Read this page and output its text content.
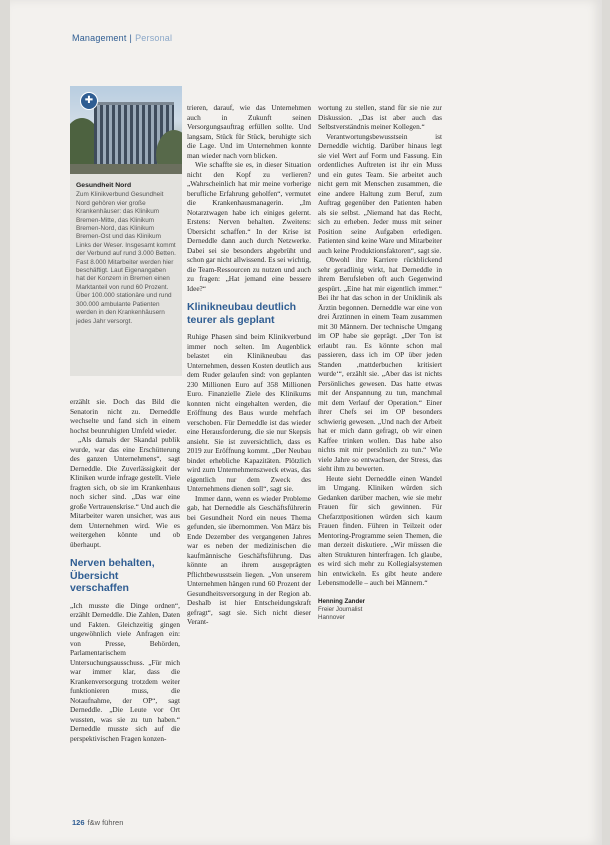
Management | Personal
✚
Gesundheit Nord
Zum Klinikverbund Gesundheit Nord gehören vier große Krankenhäuser: das Klinikum Bremen-Mitte, das Klinikum Bremen-Nord, das Klinikum Bremen-Ost und das Klinikum Links der Weser. Insgesamt kommt der Verbund auf rund 3.000 Betten. Fast 8.000 Mitarbeiter werden hier beschäftigt. Laut Eigenangaben hat der Konzern in Bremen einen Marktanteil von rund 60 Prozent. Über 100.000 stationäre und rund 300.000 ambulante Patienten werden in den Krankenhäusern jedes Jahr versorgt.

erzählt sie. Doch das Bild die Senatorin nicht zu. Derneddle wechselte und fand sich in einem hochst beunruhigten Umfeld wieder.

„Als damals der Skandal publik wurde, war das eine Erschütterung des ganzen Unternehmens“, sagt Derneddle. Die Zuverlässigkeit der Kliniken wurde infrage gestellt. Viele fragten sich, ob sie im Krankenhaus noch sicher sind. „Das war eine große Vertrauenskrise.“ Und auch die Mitarbeiter waren unsicher, was aus dem Unternehmen wird. Wie es weitergehen könnte und ob überhaupt.

Nerven behalten, Übersicht verschaffen

„Ich musste die Dinge ordnen“, erzählt Derneddle. Die Zahlen, Daten und Fakten. Gleichzeitig gingen ungewöhnlich viele Anfragen ein: von Presse, Behörden, Parlamentarischem Untersuchungsausschuss. „Für mich war immer klar, dass die Krankenversorgung trotzdem weiter funktionieren muss, die Notaufnahme, der OP“, sagt Derneddle. „Die Leute vor Ort wussten, was sie zu tun haben.“ Derneddle musste sich auf die perspektivischen Fragen konzen-

trieren, darauf, wie das Unternehmen auch in Zukunft seinen Versorgungsauftrag erfüllen sollte. Und langsam, Stück für Stück, beruhigte sich die Lage. Und im Unternehmen konnte man wieder nach vorn blicken.

Wie schaffte sie es, in dieser Situation nicht den Kopf zu verlieren? „Wahrscheinlich hat mir meine vorherige berufliche Erfahrung geholfen“, vermutet die Krankenhausmanagerin. „Im Notarztwagen habe ich einiges gelernt. Erstens: Nerven behalten. Zweitens: Übersicht schaffen.“ In der Krise ist Derneddle dann auch durch Netzwerke. Dabei sei sie besonders abgebrüht und schon gar nicht allwissend. Es sei wichtig, die Team-Ressourcen zu nutzen und auch zu fragen: „Hat jemand eine bessere Idee?“

Klinikneubau deutlich teurer als geplant

Ruhige Phasen sind beim Klinikverbund immer noch selten. Im Augenblick belastet ein Klinikneubau das Unternehmen, dessen Kosten deutlich aus dem Ruder gelaufen sind: von geplanten 230 Millionen Euro auf 358 Millionen Euro. Finanzielle Ziele des Klinikums konnten nicht eingehalten werden, die Eröffnung des Baus wurde mehrfach verschoben. Für Derneddle ist das wieder eine Herausforderung, die sie nur Skepsis ansieht. Sie ist zuversichtlich, dass es 2019 zur Eröffnung kommt. „Der Neubau bindet erhebliche Kapazitäten. Plötzlich wird zum Unternehmenszweck etwas, das eigentlich nur dem Zweck des Unternehmens dienen soll“, sagt sie.

Immer dann, wenn es wieder Probleme gab, hat Derneddle als Geschäftsführerin bei Gesundheit Nord ein neues Thema gefunden, sie übernommen. Von März bis Ende Dezember des vergangenen Jahres war es neben der medizinischen die kaufmännische Geschäftsführung. Das könnte an ihrem ausgeprägten Pflichtbewusstsein liegen. „Von unserem Unternehmen hängen rund 60 Prozent der Gesundheitsversorgung in der Region ab. Deshalb ist hier Entscheidungskraft gefragt“, sagt sie. Sich nicht dieser Verant-

wortung zu stellen, stand für sie nie zur Diskussion. „Das ist aber auch das Selbstverständnis meiner Kollegen.“

Verantwortungsbewusstsein ist Derneddle wichtig. Darüber hinaus legt sie viel Wert auf Form und Fassung. Ein ordentliches Auftreten ist ihr ein Muss und ein gutes Team. Sie arbeitet auch nicht gern mit Menschen zusammen, die eine andere Haltung zum Beruf, zum Auftrag gegenüber den Patienten haben als sie selbst. „Niemand hat das Recht, sich zu erheben. Jeder muss mit seiner Position seine Aufgaben erledigen. Patienten sind keine Ware und Mitarbeiter auch keine Produktionsfaktoren“, sagt sie.

Obwohl ihre Karriere rückblickend sehr geradlinig wirkt, hat Derneddle in ihrem Berufsleben oft auch Gegenwind gespürt. „Eine hat mir eigentlich immer.“ Bei ihr hat das schon in der Uniklinik als Ärztin begonnen. Derneddle war eine von drei Ärztinnen in einem Team zusammen mit 30 Männern. Der technische Umgang im OP habe sie geprägt. „Der Ton ist erlaubt rau. Es könnte schon mal passieren, dass ich im OP über jeden Standen ‚mattderbuchen kritisiert wurde‘“, erzählt sie. „Aber das ist nichts Persönliches gewesen. Das hatte etwas mit der Anspannung zu tun, manchmal mit dem Verlauf der Operation.“ Einer ihrer Chefs sei im OP besonders schwierig gewesen. „Und nach der Arbeit hat er mich dann gefragt, ob wir einen Kaffee trinken wollen. Das habe also nichts mit mir persönlich zu tun.“ Wie viele Jahre so entwachsen, der Stress, das sieht ihm zu bewerten.

Heute sieht Derneddle einen Wandel im Umgang. Kliniken würden sich Gedanken darüber machen, wie sie mehr Frauen für sich gewinnen. Für Chefarztpositionen würden sich kaum Frauen finden. Führen in Teilzeit oder Mentoring-Programme seien Themen, die man derzeit diskutiere. „Wir müssen die alten Strukturen hinterfragen. Ich glaube, es wird sich mehr zu Kollegialsystemen hin entwickeln. Es gibt heute andere Lebensmodelle – auch bei Männern.“

Henning Zander
Freier Journalist
Hannover
126 f&w führen
